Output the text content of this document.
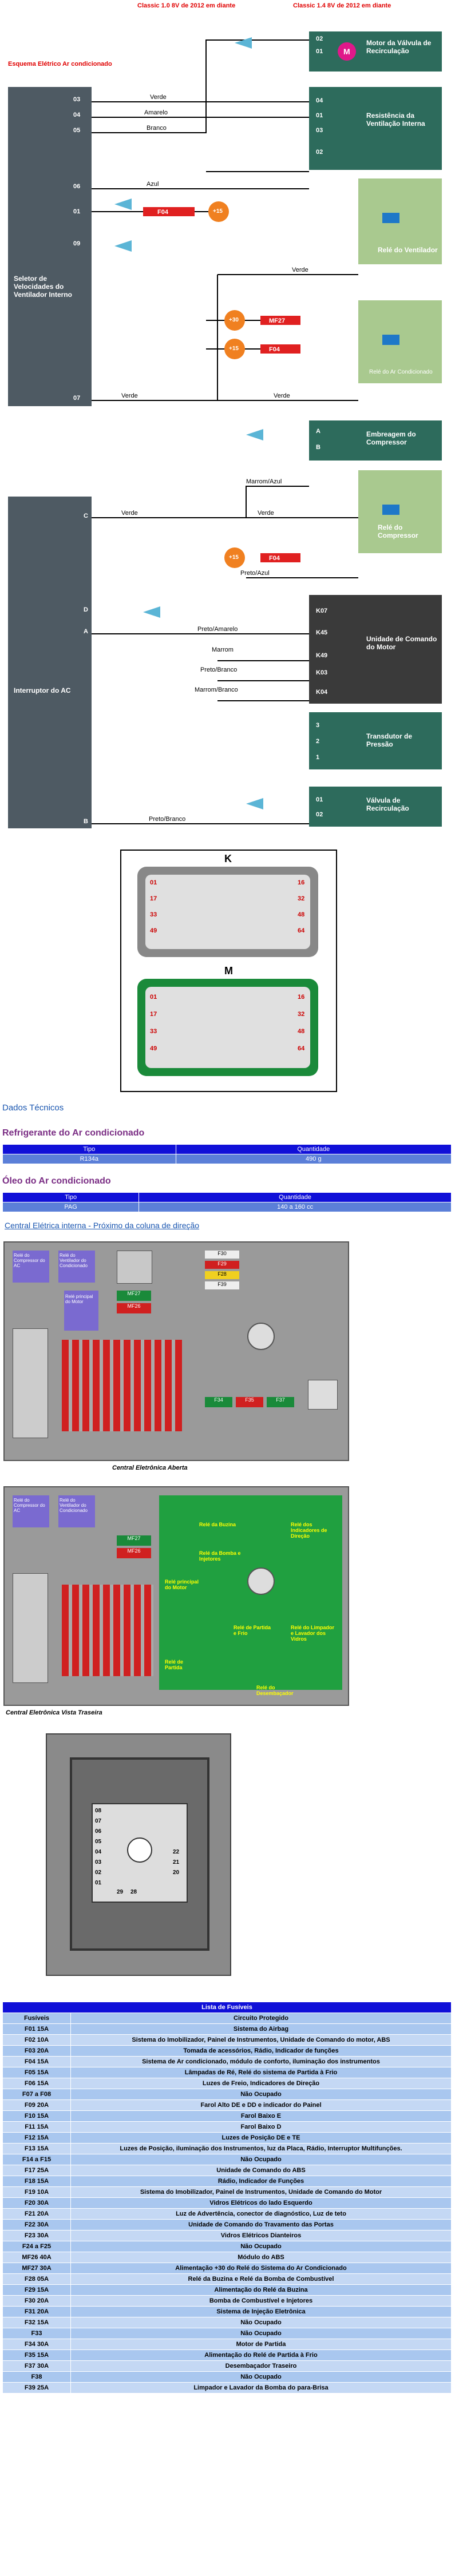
Classic 1.0 8V de 2012 em diante	Classic 1.4 8V de 2012 em diante
Esquema Elétrico Ar condicionado
Seletor de Velocidades do Ventilador Interno
Interruptor do AC
Motor da Válvula de Recirculação
M
Resistência da Ventilação Interna
Relé do Ventilador
Relé do Ar Condicionado
Embreagem do Compressor
Relé do Compressor
Unidade de Comando do Motor
Transdutor de Pressão
Válvula de Recirculação
Verde
Amarelo
Branco
Azul
F04	+15
Verde
+30	MF27
+15	F04
Verde	Verde
Marrom/Azul
Verde	Verde
+15	F04
Preto/Azul
Preto/Amarelo
Marrom
Preto/Branco
Marrom/Branco
Preto/Branco
03
04
05
06
01
09
07
C
D
A
B
02
01
04
01
03
02
A
B
K07
K45
K49
K03
K04
3
2
1
01
02
K
01
17
33
49
16
32
48
64
M
01
17
33
49
16
32
48
64
Dados Técnicos
Refrigerante do Ar condicionado
Tipo	Quantidade
R134a	490 g
Óleo do Ar condicionado
Tipo	Quantidade
PAG	140 a 160 cc
Central Elétrica interna - Próximo da coluna de direção
Relé do Compressor do AC
Relé do Ventilador do Condicionado
MF27
MF26
Relé principal do Motor
F30
F29
F28
F39
F34	F35	F37
Central Eletrônica Aberta
Relé do Compressor do AC
Relé do Ventilador do Condicionado
MF27
MF26
Relé da Buzina
Relé da Bomba e Injetores
Relé dos Indicadores de Direção
Relé principal do Motor
Relé de Partida e Frio
Relé do Limpador e Lavador dos Vidros
Relé de Partida
Relé do Desembaçador
Central Eletrônica Vista Traseira
08
07
06
05
04
03
02
01
29 28
22
21
20
Lista de Fusíveis	
Fusíveis	Circuito Protegido
F01 15A	Sistema do Airbag
F02 10A	Sistema do Imobilizador, Painel de Instrumentos, Unidade de Comando do motor, ABS
F03 20A	Tomada de acessórios, Rádio, Indicador de funções
F04 15A	Sistema de Ar condicionado, módulo de conforto, iluminação dos instrumentos
F05 15A	Lâmpadas de Ré, Relé do sistema de Partida à Frio
F06 15A	Luzes de Freio, Indicadores de Direção
F07 a F08	Não Ocupado
F09 20A	Farol Alto DE e DD e indicador do Painel
F10 15A	Farol Baixo E
F11 15A	Farol Baixo D
F12 15A	Luzes de Posição DE e TE
F13 15A	Luzes de Posição, iluminação dos Instrumentos, luz da Placa, Rádio, Interruptor Multifunções.
F14 a F15	Não Ocupado
F17 25A	Unidade de Comando do ABS
F18 15A	Rádio, Indicador de Funções
F19 10A	Sistema do Imobilizador, Painel de Instrumentos, Unidade de Comando do Motor
F20 30A	Vidros Elétricos do lado Esquerdo
F21 20A	Luz de Advertência, conector de diagnóstico, Luz de teto
F22 30A	Unidade de Comando do Travamento das Portas
F23 30A	Vidros Elétricos Dianteiros
F24 a F25	Não Ocupado
MF26 40A	Módulo do ABS
MF27 30A	Alimentação +30 do Relé do Sistema do Ar Condicionado
F28 05A	Relé da Buzina e Relé da Bomba de Combustível
F29 15A	Alimentação do Relé da Buzina
F30 20A	Bomba de Combustível e Injetores
F31 20A	Sistema de Injeção Eletrônica
F32 15A	Não Ocupado
F33	Não Ocupado
F34 30A	Motor de Partida
F35 15A	Alimentação do Relé de Partida à Frio
F37 30A	Desembaçador Traseiro
F38	Não Ocupado
F39 25A	Limpador e Lavador da Bomba do para-Brisa
